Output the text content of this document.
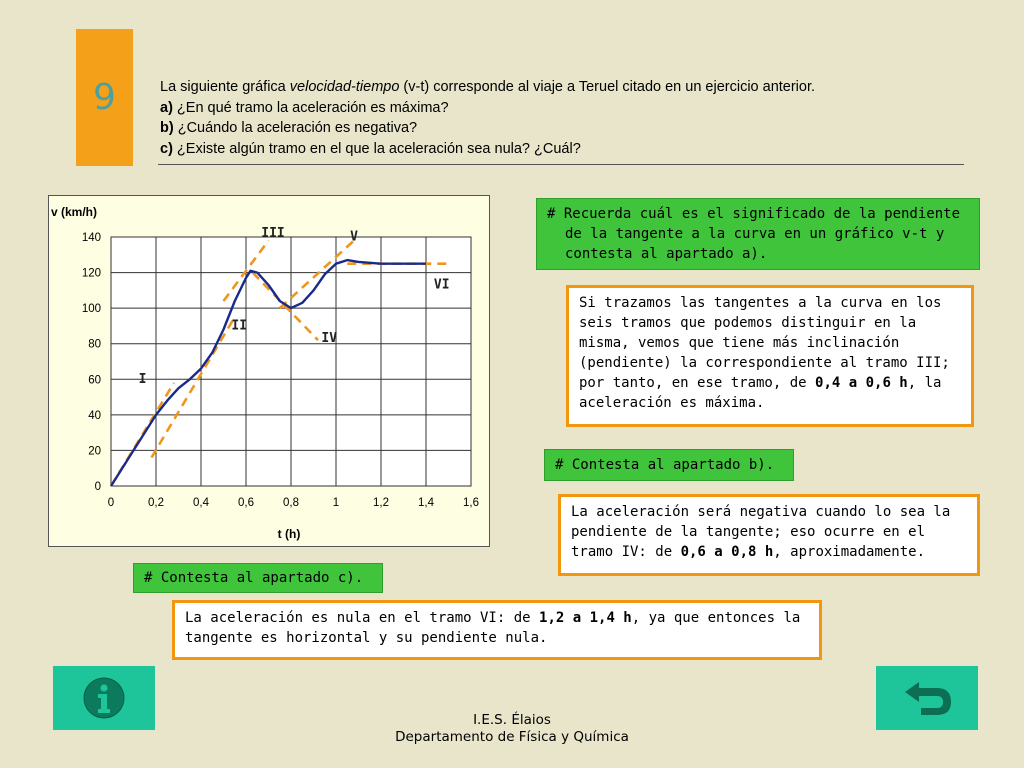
9	La siguiente gráfica velocidad-tiempo (v-t) corresponde al viaje a Teruel citado en un ejercicio anterior.
a) ¿En qué tramo la aceleración es máxima?
b) ¿Cuándo la aceleración es negativa?
c) ¿Existe algún tramo en el que la aceleración sea nula? ¿Cuál?
0	0,2	0,4	0,6	0,8	1	1,2	1,4	1,6
0
20
40
60
80
100
120
140
I
II
III
IV
V
VI
v (km/h)
t (h)
# Recuerda cuál es el significado de la pendiente de la tangente a la curva en un gráfico v-t y contesta al apartado a).
Si trazamos las tangentes a la curva en los seis tramos que podemos distinguir en la misma, vemos que tiene más inclinación (pendiente) la correspondiente al tramo III; por tanto, en ese tramo, de 0,4 a 0,6 h, la aceleración es máxima.
# Contesta al apartado b).
La aceleración será negativa cuando lo sea la pendiente de la tangente; eso ocurre en el tramo IV: de 0,6 a 0,8 h, aproximadamente.
# Contesta al apartado c).
La aceleración es nula en el tramo VI: de 1,2 a 1,4 h, ya que entonces la tangente es horizontal y su pendiente nula.
I.E.S. Élaios
Departamento de Física y Química
